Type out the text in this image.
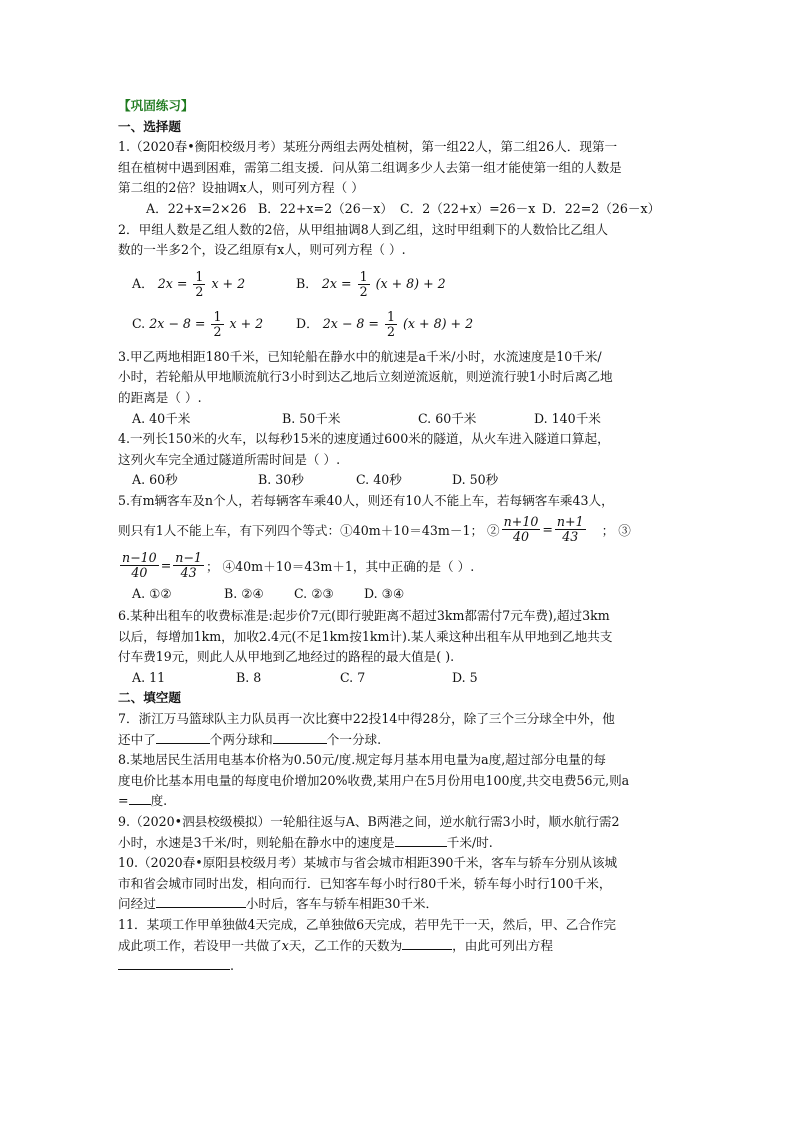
【巩固练习】
一、选择题
1.（2020春•衡阳校级月考）某班分两组去两处植树，第一组22人，第二组26人．现第一
组在植树中遇到困难，需第二组支援．问从第二组调多少人去第一组才能使第一组的人数是
第二组的2倍？设抽调x人，则可列方程（ ）
A．22+x=2×26 B．22+x=2（26－x） C．2（22+x）=26－x D．22=2（26－x）
2．甲组人数是乙组人数的2倍，从甲组抽调8人到乙组，这时甲组剩下的人数恰比乙组人
数的一半多2个，设乙组原有x人，则可列方程（ ）.
A． $2x = \frac{1}{2}$ x + 2	B． $2x = \frac{1}{2} (x + 8) + 2$
C. $2x - 8 = \frac{1}{2}$ x + 2	D． $2x - 8 = \frac{1}{2} (x + 8) + 2$
3.甲乙两地相距180千米，已知轮船在静水中的航速是a千米/小时，水流速度是10千米/
小时，若轮船从甲地顺流航行3小时到达乙地后立刻逆流返航，则逆流行驶1小时后离乙地
的距离是（ ）.
A. 40千米	B. 50千米	C. 60千米	D. 140千米
4.一列长150米的火车，以每秒15米的速度通过600米的隧道，从火车进入隧道口算起，
这列火车完全通过隧道所需时间是（ ）.
A. 60秒	B. 30秒	C. 40秒	D. 50秒
5.有m辆客车及n个人，若每辆客车乘40人，则还有10人不能上车，若每辆客车乘43人，
则只有1人不能上车，有下列四个等式：①40m＋10＝43m－1； ② $\frac{n+10}{40} = \frac{n+1}{43}$ ； ③
$\frac{n-10}{40} = \frac{n-1}{43}$ ； ④40m＋10＝43m＋1，其中正确的是（ ）.
A. ①②	B. ②④ C. ②③ D. ③④
6.某种出租车的收费标准是:起步价7元(即行驶距离不超过3km都需付7元车费),超过3km
以后，每增加1km，加收2.4元(不足1km按1km计).某人乘这种出租车从甲地到乙地共支
付车费19元，则此人从甲地到乙地经过的路程的最大值是( ).
A. 11	B. 8	C. 7	D. 5
二、填空题
7．浙江万马篮球队主力队员再一次比赛中22投14中得28分，除了三个三分球全中外，他
还中了	个两分球和	个一分球.
8.某地居民生活用电基本价格为0.50元/度.规定每月基本用电量为a度,超过部分电量的每
度电价比基本用电量的每度电价增加20%收费,某用户在5月份用电100度,共交电费56元,则a
= 度.
9.（2020•泗县校级模拟）一轮船往返与A、B两港之间，逆水航行需3小时，顺水航行需2
小时，水速是3千米/时，则轮船在静水中的速度是	千米/时.
10.（2020春•原阳县校级月考）某城市与省会城市相距390千米，客车与轿车分别从该城
市和省会城市同时出发，相向而行．已知客车每小时行80千米，轿车每小时行100千米，
问经过	小时后，客车与轿车相距30千米．
11．某项工作甲单独做4天完成，乙单独做6天完成，若甲先干一天，然后，甲、乙合作完
成此项工作，若设甲一共做了x天，乙工作的天数为	，由此可列出方程
.
